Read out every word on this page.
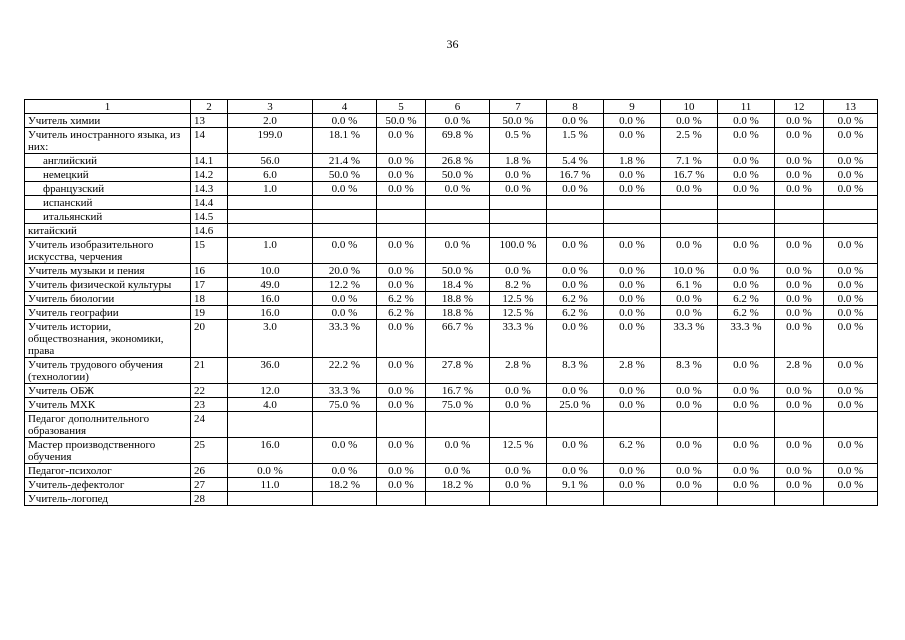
36
1	2	3	4	5	6	7	8	9	10	11	12	13
Учитель химии	13	2.0	0.0 %	50.0 %	0.0 %	50.0 %	0.0 %	0.0 %	0.0 %	0.0 %	0.0 %	0.0 %
Учитель иностранного языка, из них:	14	199.0	18.1 %	0.0 %	69.8 %	0.5 %	1.5 %	0.0 %	2.5 %	0.0 %	0.0 %	0.0 %
английский	14.1	56.0	21.4 %	0.0 %	26.8 %	1.8 %	5.4 %	1.8 %	7.1 %	0.0 %	0.0 %	0.0 %
немецкий	14.2	6.0	50.0 %	0.0 %	50.0 %	0.0 %	16.7 %	0.0 %	16.7 %	0.0 %	0.0 %	0.0 %
французский	14.3	1.0	0.0 %	0.0 %	0.0 %	0.0 %	0.0 %	0.0 %	0.0 %	0.0 %	0.0 %	0.0 %
испанский	14.4											
итальянский	14.5											
китайский	14.6											
Учитель изобразительного искусства, черчения	15	1.0	0.0 %	0.0 %	0.0 %	100.0 %	0.0 %	0.0 %	0.0 %	0.0 %	0.0 %	0.0 %
Учитель музыки и пения	16	10.0	20.0 %	0.0 %	50.0 %	0.0 %	0.0 %	0.0 %	10.0 %	0.0 %	0.0 %	0.0 %
Учитель физической культуры	17	49.0	12.2 %	0.0 %	18.4 %	8.2 %	0.0 %	0.0 %	6.1 %	0.0 %	0.0 %	0.0 %
Учитель биологии	18	16.0	0.0 %	6.2 %	18.8 %	12.5 %	6.2 %	0.0 %	0.0 %	6.2 %	0.0 %	0.0 %
Учитель географии	19	16.0	0.0 %	6.2 %	18.8 %	12.5 %	6.2 %	0.0 %	0.0 %	6.2 %	0.0 %	0.0 %
Учитель истории, обществознания, экономики, права	20	3.0	33.3 %	0.0 %	66.7 %	33.3 %	0.0 %	0.0 %	33.3 %	33.3 %	0.0 %	0.0 %
Учитель трудового обучения (технологии)	21	36.0	22.2 %	0.0 %	27.8 %	2.8 %	8.3 %	2.8 %	8.3 %	0.0 %	2.8 %	0.0 %
Учитель ОБЖ	22	12.0	33.3 %	0.0 %	16.7 %	0.0 %	0.0 %	0.0 %	0.0 %	0.0 %	0.0 %	0.0 %
Учитель МХК	23	4.0	75.0 %	0.0 %	75.0 %	0.0 %	25.0 %	0.0 %	0.0 %	0.0 %	0.0 %	0.0 %
Педагог дополнительного образования	24											
Мастер производственного обучения	25	16.0	0.0 %	0.0 %	0.0 %	12.5 %	0.0 %	6.2 %	0.0 %	0.0 %	0.0 %	0.0 %
Педагог-психолог	26	0.0 %	0.0 %	0.0 %	0.0 %	0.0 %	0.0 %	0.0 %	0.0 %	0.0 %	0.0 %	0.0 %
Учитель-дефектолог	27	11.0	18.2 %	0.0 %	18.2 %	0.0 %	9.1 %	0.0 %	0.0 %	0.0 %	0.0 %	0.0 %
Учитель-логопед	28											
